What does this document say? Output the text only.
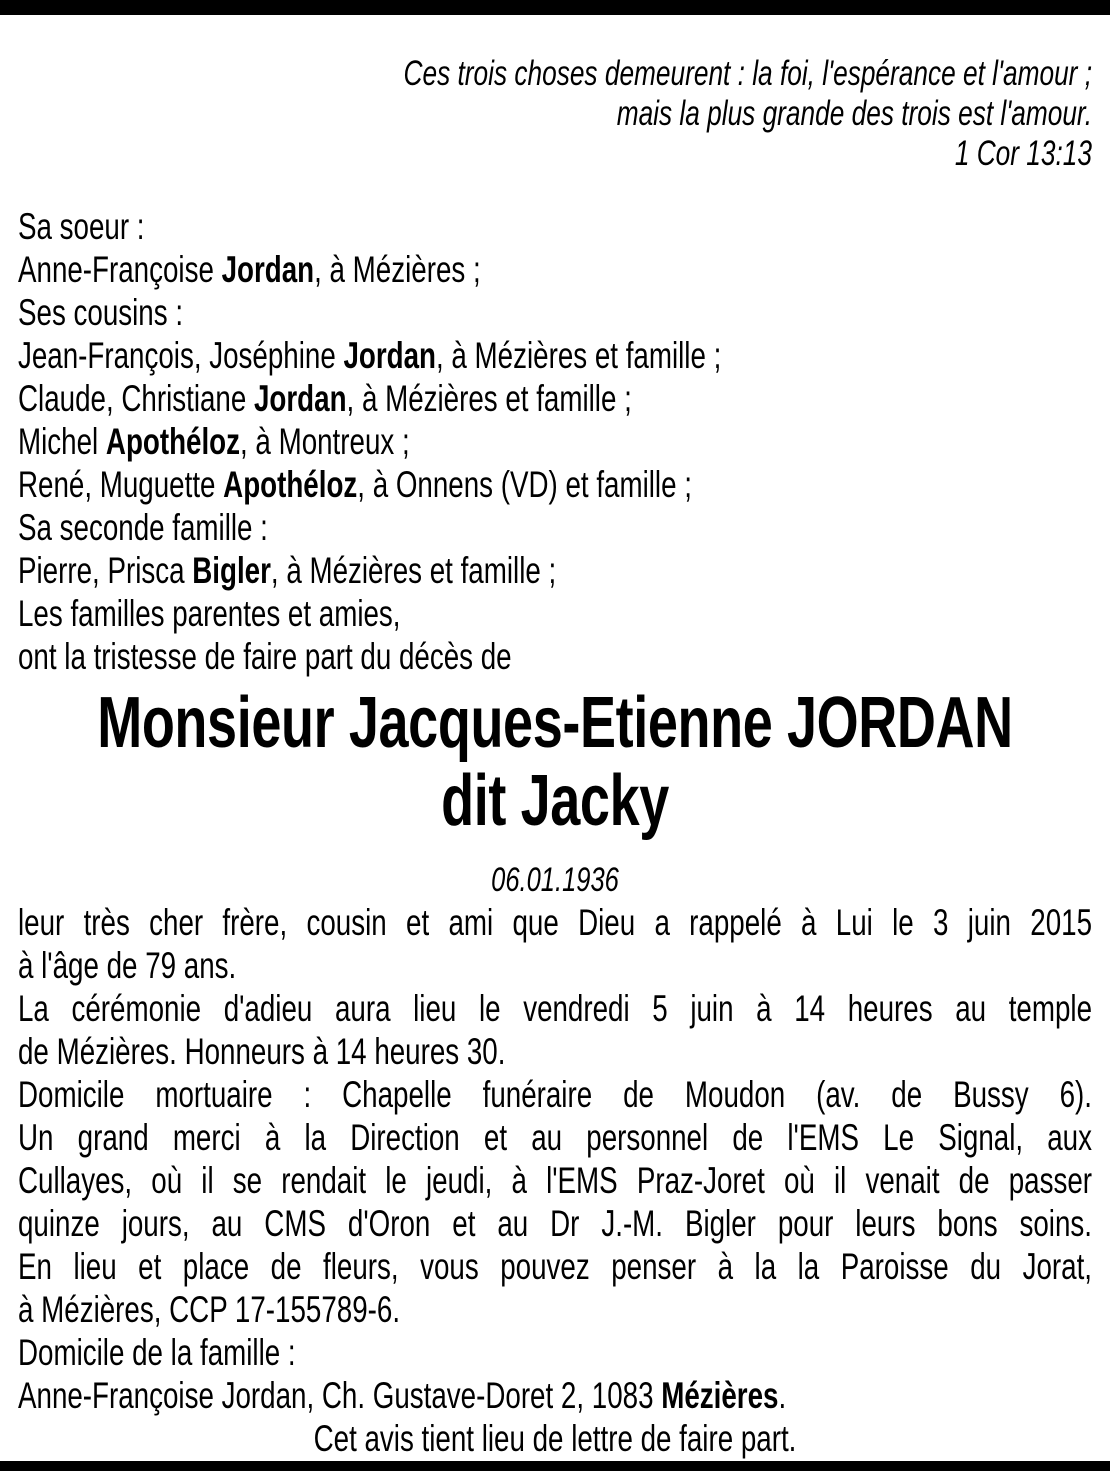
Ces trois choses demeurent : la foi, l'espérance et l'amour ;
mais la plus grande des trois est l'amour.
1 Cor 13:13
Sa soeur :
Anne-Françoise Jordan, à Mézières ;
Ses cousins :
Jean-François, Joséphine Jordan, à Mézières et famille ;
Claude, Christiane Jordan, à Mézières et famille ;
Michel Apothéloz, à Montreux ;
René, Muguette Apothéloz, à Onnens (VD) et famille ;
Sa seconde famille :
Pierre, Prisca Bigler, à Mézières et famille ;
Les familles parentes et amies,
ont la tristesse de faire part du décès de
Monsieur Jacques-Etienne JORDAN
dit Jacky
06.01.1936
leur très cher frère, cousin et ami que Dieu a rappelé à Lui le 3 juin 2015
à l'âge de 79 ans.
La cérémonie d'adieu aura lieu le vendredi 5 juin à 14 heures au temple
de Mézières. Honneurs à 14 heures 30.
Domicile mortuaire : Chapelle funéraire de Moudon (av. de Bussy 6).
Un grand merci à la Direction et au personnel de l'EMS Le Signal, aux
Cullayes, où il se rendait le jeudi, à l'EMS Praz-Joret où il venait de passer
quinze jours, au CMS d'Oron et au Dr J.-M. Bigler pour leurs bons soins.
En lieu et place de fleurs, vous pouvez penser à la la Paroisse du Jorat,
à Mézières, CCP 17-155789-6.
Domicile de la famille :
Anne-Françoise Jordan, Ch. Gustave-Doret 2, 1083 Mézières.
Cet avis tient lieu de lettre de faire part.
